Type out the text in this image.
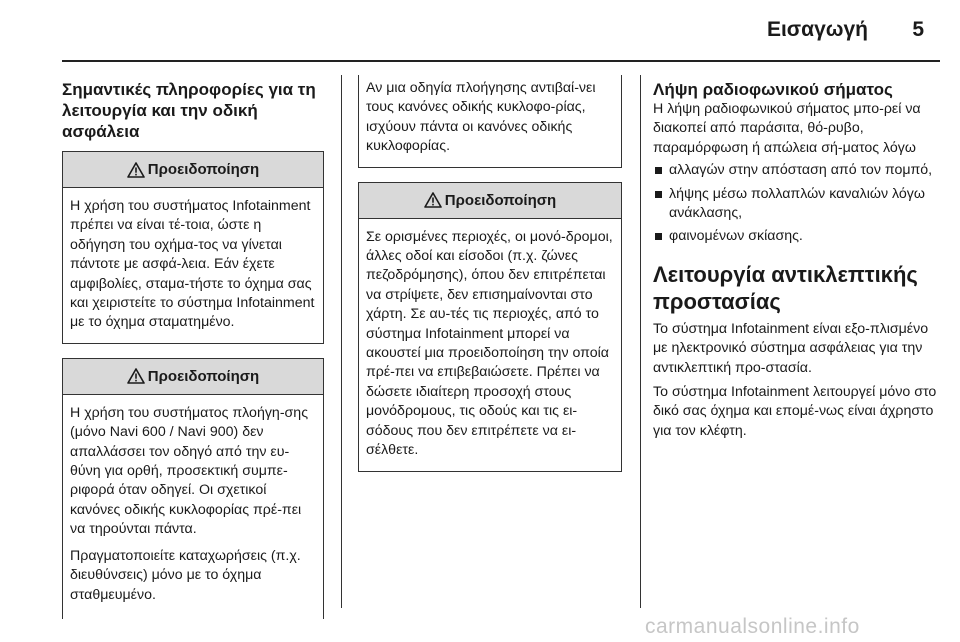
Εισαγωγή 5
Σημαντικές πληροφορίες για τη λειτουργία και την οδική ασφάλεια
Προειδοποίηση
Η χρήση του συστήματος Infotainment πρέπει να είναι τέ-τοια, ώστε η οδήγηση του οχήμα-τος να γίνεται πάντοτε με ασφά-λεια. Εάν έχετε αμφιβολίες, σταμα-τήστε το όχημα σας και χειριστείτε το σύστημα Infotainment με το όχημα σταματημένο.
Προειδοποίηση
Η χρήση του συστήματος πλοήγη-σης (μόνο Navi 600 / Navi 900) δεν απαλλάσσει τον οδηγό από την ευ-θύνη για ορθή, προσεκτική συμπε-ριφορά όταν οδηγεί. Οι σχετικοί κανόνες οδικής κυκλοφορίας πρέ-πει να τηρούνται πάντα.
Πραγματοποιείτε καταχωρήσεις (π.χ. διευθύνσεις) μόνο με το όχημα σταθμευμένο.
Αν μια οδηγία πλοήγησης αντιβαί-νει τους κανόνες οδικής κυκλοφο-ρίας, ισχύουν πάντα οι κανόνες οδικής κυκλοφορίας.
Προειδοποίηση
Σε ορισμένες περιοχές, οι μονό-δρομοι, άλλες οδοί και είσοδοι (π.χ. ζώνες πεζοδρόμησης), όπου δεν επιτρέπεται να στρίψετε, δεν επισημαίνονται στο χάρτη. Σε αυ-τές τις περιοχές, από το σύστημα Infotainment μπορεί να ακουστεί μια προειδοποίηση την οποία πρέ-πει να επιβεβαιώσετε. Πρέπει να δώσετε ιδιαίτερη προσοχή στους μονόδρομους, τις οδούς και τις ει-σόδους που δεν επιτρέπετε να ει-σέλθετε.
Λήψη ραδιοφωνικού σήματος
Η λήψη ραδιοφωνικού σήματος μπο-ρεί να διακοπεί από παράσιτα, θό-ρυβο, παραμόρφωση ή απώλεια σή-ματος λόγω
αλλαγών στην απόσταση από τον πομπό,
λήψης μέσω πολλαπλών καναλιών λόγω ανάκλασης,
φαινομένων σκίασης.
Λειτουργία αντικλεπτικής προστασίας
Το σύστημα Infotainment είναι εξο-πλισμένο με ηλεκτρονικό σύστημα ασφάλειας για την αντικλεπτική προ-στασία.
Το σύστημα Infotainment λειτουργεί μόνο στο δικό σας όχημα και επομέ-νως είναι άχρηστο για τον κλέφτη.
carmanualsonline.info
